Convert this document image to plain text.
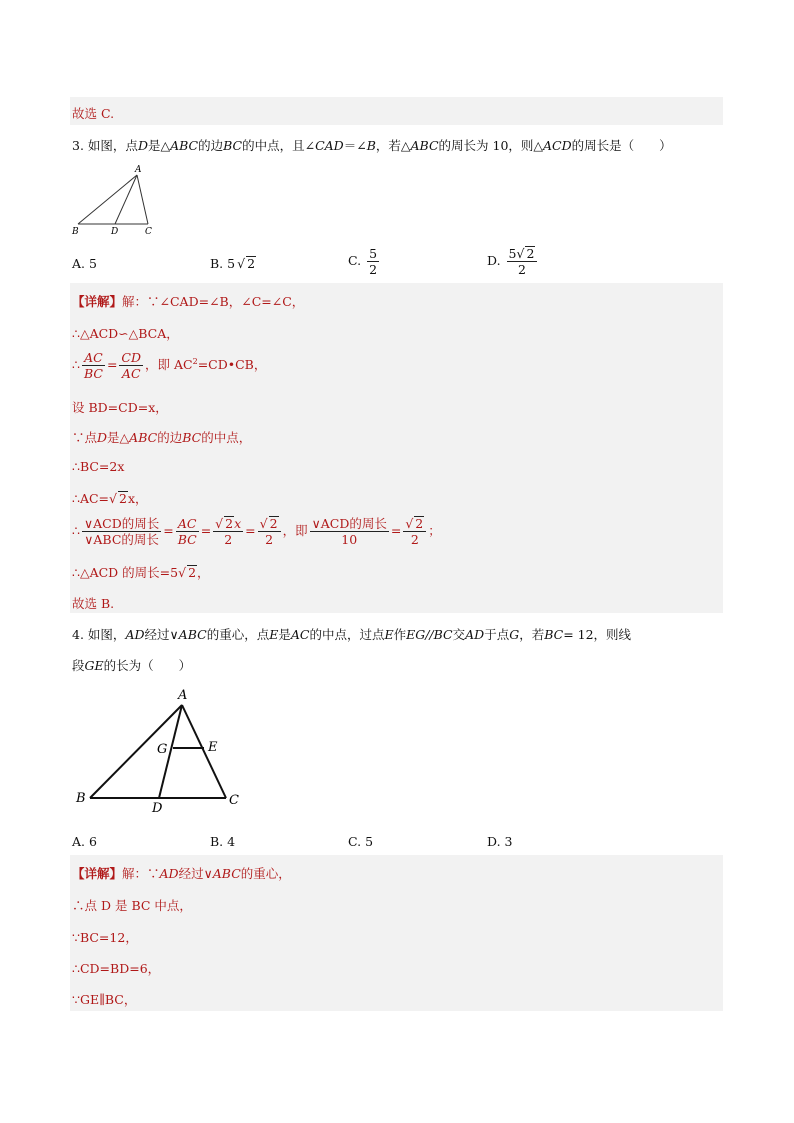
故选 C.
3. 如图，点D是△ABC的边BC的中点，且∠CAD＝∠B，若△ABC的周长为 10，则△ACD的周长是（　　）
A
B	D	C
A. 5	B. 5 √ 2	C. $\frac{5}{2}$	D. $\frac{5√ 2}{2}$
【详解】解：∵∠CAD=∠B，∠C=∠C，
∴△ACD∽△BCA，
∴ $\frac{AC}{BC} = \frac{CD}{AC}$ ，即 $AC^2=CD•CB$，
设 BD=CD=x，
∵点D是△ABC的边BC的中点，
∴BC=2x
∴AC=√ 2x，
∴ $\frac{\text{∨ACD的周长}}{\text{∨ABC的周长}} = \frac{AC}{BC} = \frac{√ 2x}{2} = \frac{√ 2}{2}$ ，即 $\frac{\text{∨ACD的周长}}{10} = \frac{√ 2}{2}$ ；
∴△ACD 的周长=5√ 2，
故选 B.
4. 如图，AD经过∨ABC的重心，点E是AC的中点，过点E作EG//BC交AD于点G，若BC= 12，则线
段GE的长为（　　）
A
G	E
B
D
C
A. 6	B. 4	C. 5	D. 3
【详解】解：∵AD经过∨ABC的重心，
∴点 D 是 BC 中点，
∵BC=12，
∴CD=BD=6，
∵GE∥BC，
